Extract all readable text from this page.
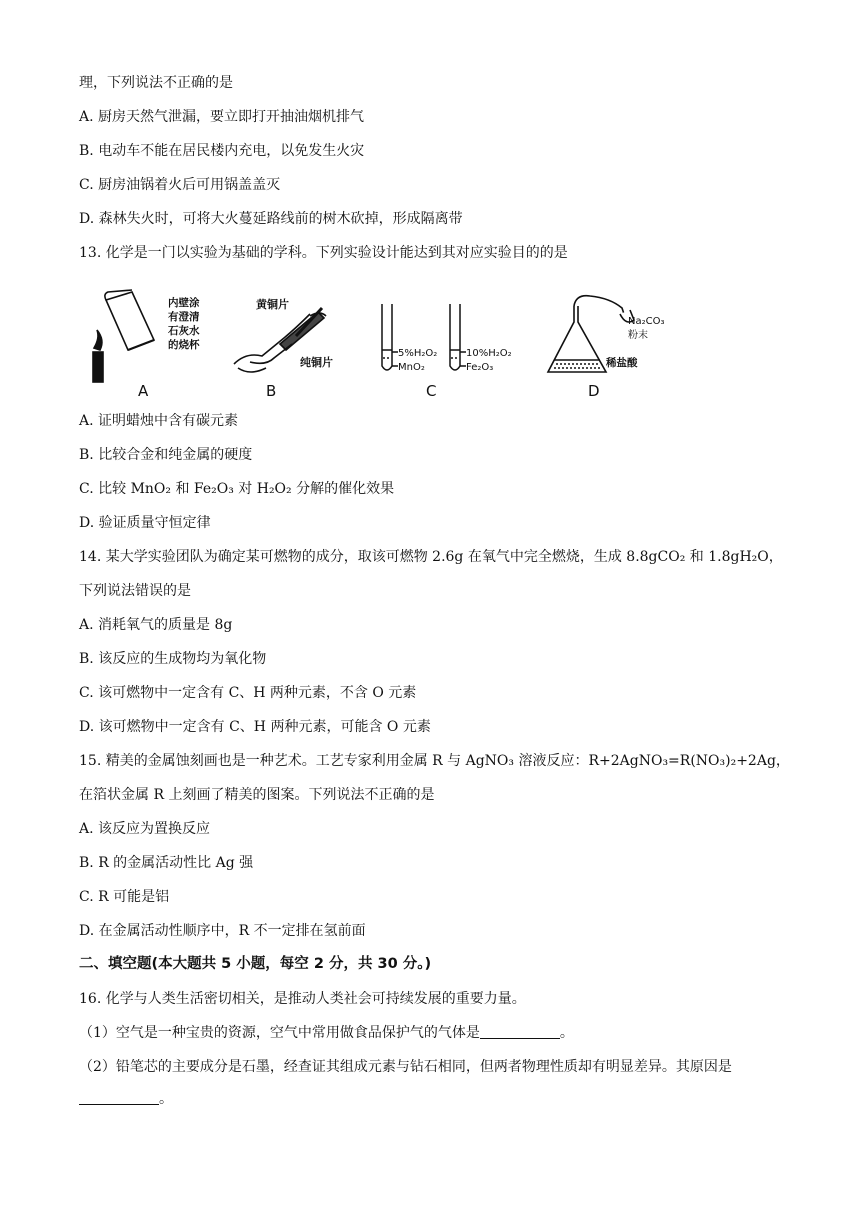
理，下列说法不正确的是
A. 厨房天然气泄漏，要立即打开抽油烟机排气
B. 电动车不能在居民楼内充电，以免发生火灾
C. 厨房油锅着火后可用锅盖盖灭
D. 森林失火时，可将大火蔓延路线前的树木砍掉，形成隔离带
13. 化学是一门以实验为基础的学科。下列实验设计能达到其对应实验目的的是
内壁涂
有澄清
石灰水
的烧杯
A
黄铜片
纯铜片
B
5%H₂O₂
MnO₂
10%H₂O₂
Fe₂O₃
C
Na₂CO₃
粉末
稀盐酸
D
A. 证明蜡烛中含有碳元素
B. 比较合金和纯金属的硬度
C. 比较 MnO₂ 和 Fe₂O₃ 对 H₂O₂ 分解的催化效果
D. 验证质量守恒定律
14. 某大学实验团队为确定某可燃物的成分，取该可燃物 2.6g 在氧气中完全燃烧，生成 8.8gCO₂ 和 1.8gH₂O，
下列说法错误的是
A. 消耗氧气的质量是 8g
B. 该反应的生成物均为氧化物
C. 该可燃物中一定含有 C、H 两种元素，不含 O 元素
D. 该可燃物中一定含有 C、H 两种元素，可能含 O 元素
15. 精美的金属蚀刻画也是一种艺术。工艺专家利用金属 R 与 AgNO₃ 溶液反应：R+2AgNO₃=R(NO₃)₂+2Ag，
在箔状金属 R 上刻画了精美的图案。下列说法不正确的是
A. 该反应为置换反应
B. R 的金属活动性比 Ag 强
C. R 可能是铝
D. 在金属活动性顺序中，R 不一定排在氢前面
二、填空题(本大题共 5 小题，每空 2 分，共 30 分。)
16. 化学与人类生活密切相关，是推动人类社会可持续发展的重要力量。
（1）空气是一种宝贵的资源，空气中常用做食品保护气的气体是	。
（2）铅笔芯的主要成分是石墨，经查证其组成元素与钻石相同，但两者物理性质却有明显差异。其原因是
。
